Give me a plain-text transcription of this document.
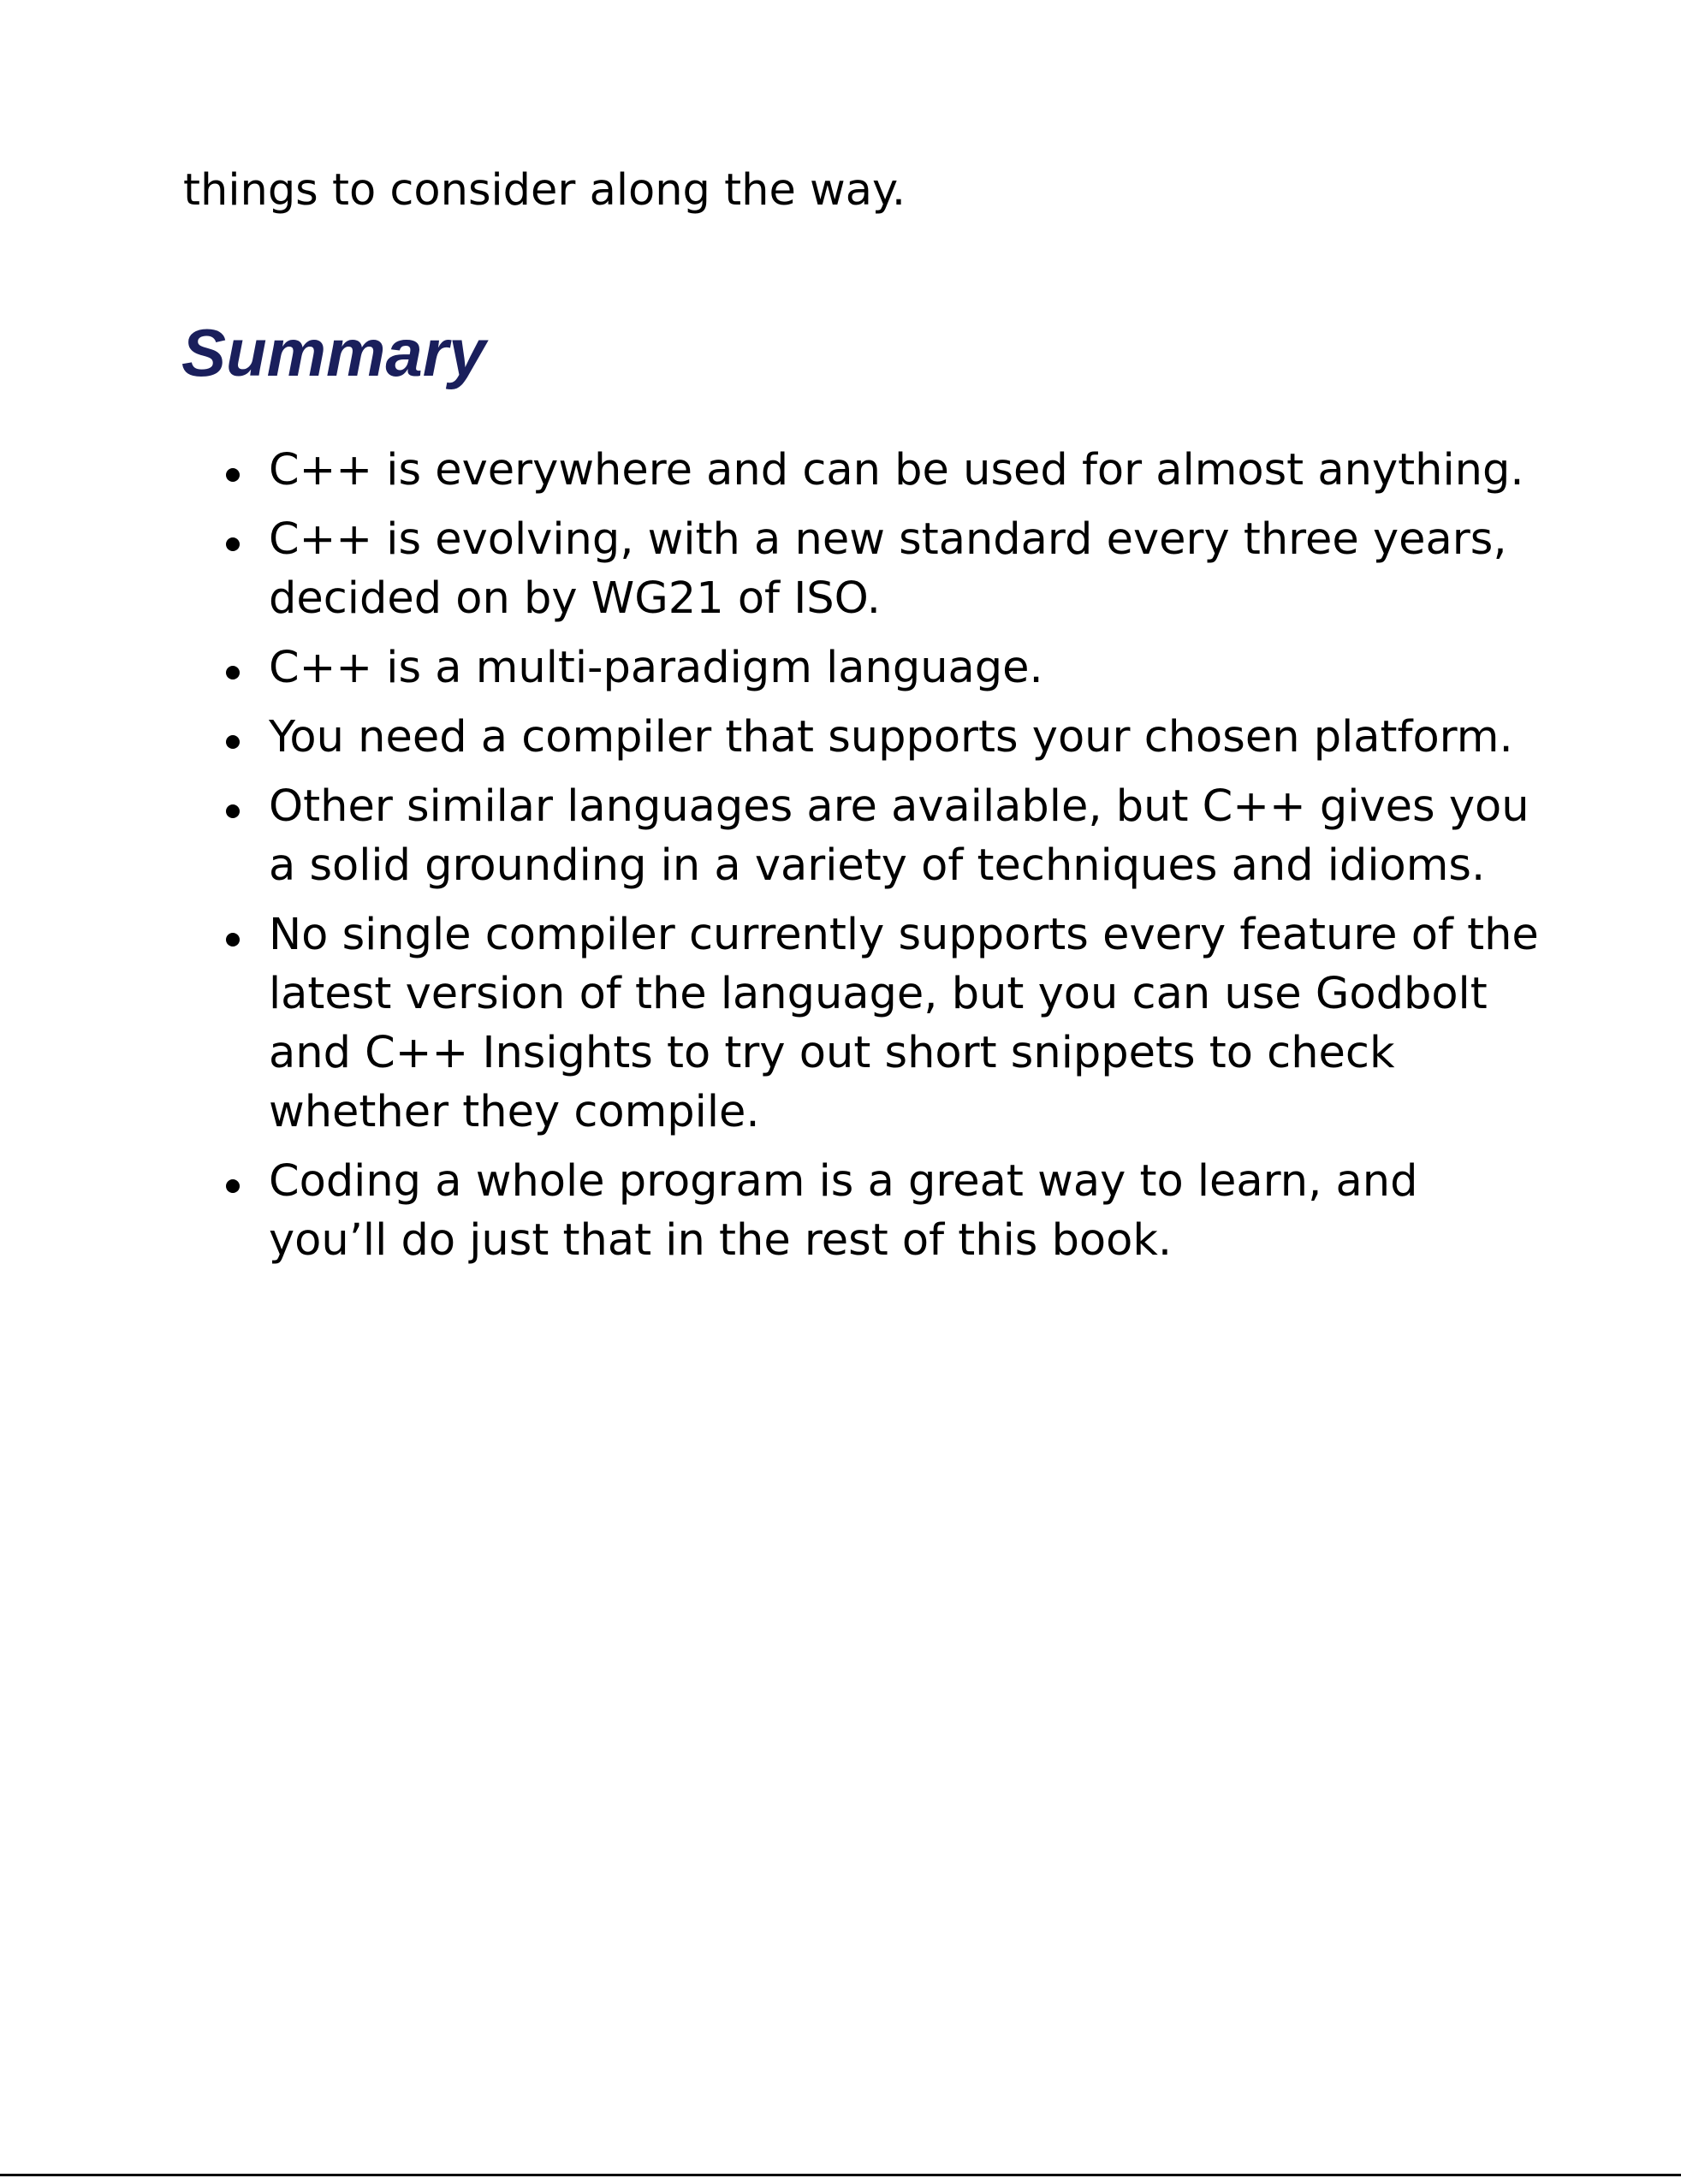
things to consider along the way.

Summary
C++ is everywhere and can be used for almost anything.
C++ is evolving, with a new standard every three years,
decided on by WG21 of ISO.
C++ is a multi-paradigm language.
You need a compiler that supports your chosen platform.
Other similar languages are available, but C++ gives you
a solid grounding in a variety of techniques and idioms.
No single compiler currently supports every feature of the
latest version of the language, but you can use Godbolt
and C++ Insights to try out short snippets to check
whether they compile.
Coding a whole program is a great way to learn, and
you’ll do just that in the rest of this book.
